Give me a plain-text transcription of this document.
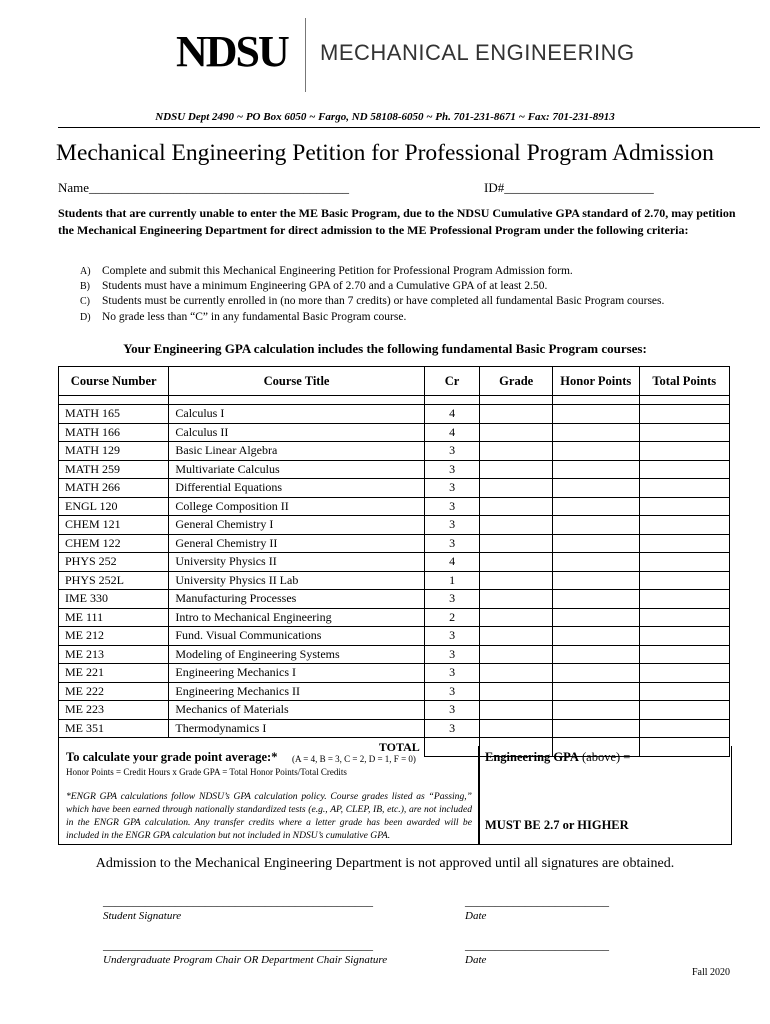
NDSU MECHANICAL ENGINEERING
NDSU Dept 2490 ~ PO Box 6050 ~ Fargo, ND 58108-6050 ~ Ph. 701-231-8671 ~ Fax: 701-231-8913
Mechanical Engineering Petition for Professional Program Admission
Name________________________________________	ID#_______________________
Students that are currently unable to enter the ME Basic Program, due to the NDSU Cumulative GPA standard of 2.70, may petition the Mechanical Engineering Department for direct admission to the ME Professional Program under the following criteria:
A) Complete and submit this Mechanical Engineering Petition for Professional Program Admission form.
B)	Students must have a minimum Engineering GPA of 2.70 and a Cumulative GPA of at least 2.50.
C)	Students must be currently enrolled in (no more than 7 credits) or have completed all fundamental Basic Program courses.
D) No grade less than “C” in any fundamental Basic Program course.
Your Engineering GPA calculation includes the following fundamental Basic Program courses:
Course Number	Course Title	Cr	Grade	Honor Points	Total Points

MATH 165	Calculus I	4			
MATH 166	Calculus II	4			
MATH 129	Basic Linear Algebra	3			
MATH 259	Multivariate Calculus	3			
MATH 266	Differential Equations	3			
ENGL 120	College Composition II	3			
CHEM 121	General Chemistry I	3			
CHEM 122	General Chemistry II	3			
PHYS 252	University Physics II	4			
PHYS 252L	University Physics II Lab	1			
IME 330	Manufacturing Processes	3			
ME 111	Intro to Mechanical Engineering	2			
ME 212	Fund. Visual Communications	3			
ME 213	Modeling of Engineering Systems	3			
ME 221	Engineering Mechanics I	3			
ME 222	Engineering Mechanics II	3			
ME 223	Mechanics of Materials	3			
ME 351	Thermodynamics I	3			
TOTAL					
To calculate your grade point average:* (A = 4, B = 3, C = 2, D = 1, F = 0)
Honor Points = Credit Hours x Grade GPA = Total Honor Points/Total Credits
*ENGR GPA calculations follow NDSU’s GPA calculation policy. Course grades listed as “Passing,” which have been earned through nationally standardized tests (e.g., AP, CLEP, IB, etc.), are not included in the ENGR GPA calculation. Any transfer credits where a letter grade has been awarded will be included in the ENGR GPA calculation but not included in NDSU’s cumulative GPA.
Engineering GPA (above) =
MUST BE 2.7 or HIGHER
Admission to the Mechanical Engineering Department is not approved until all signatures are obtained.
_____________________________________________
Student Signature
________________________
Date
_____________________________________________
Undergraduate Program Chair OR Department Chair Signature
________________________
Date
Fall 2020
